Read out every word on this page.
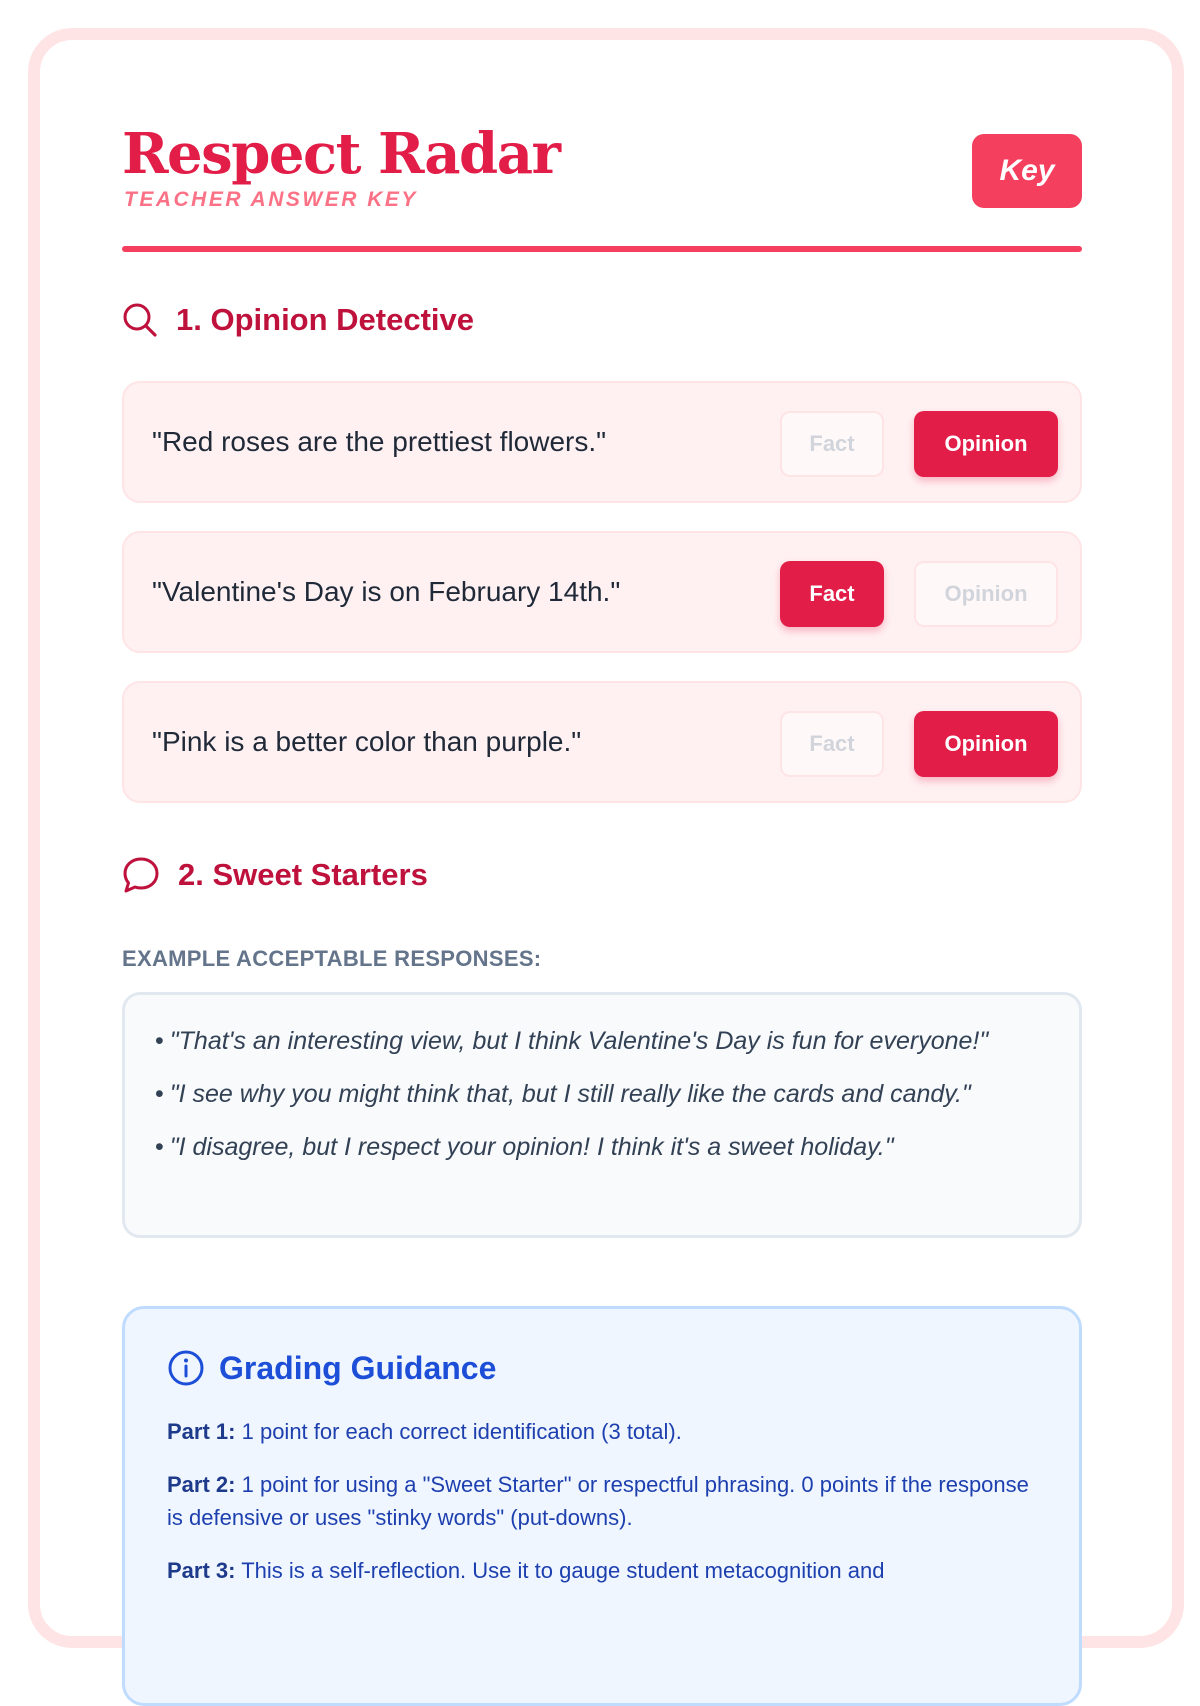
Respect Radar
TEACHER ANSWER KEY
Key
1. Opinion Detective
"Red roses are the prettiest flowers."	Fact	Opinion
"Valentine's Day is on February 14th."	Fact	Opinion
"Pink is a better color than purple."	Fact	Opinion
2. Sweet Starters
EXAMPLE ACCEPTABLE RESPONSES:
• "That's an interesting view, but I think Valentine's Day is fun for everyone!"
• "I see why you might think that, but I still really like the cards and candy."
• "I disagree, but I respect your opinion! I think it's a sweet holiday."
Grading Guidance
Part 1: 1 point for each correct identification (3 total).
Part 2: 1 point for using a "Sweet Starter" or respectful phrasing. 0 points if the response is defensive or uses "stinky words" (put-downs).
Part 3: This is a self-reflection. Use it to gauge student metacognition and
